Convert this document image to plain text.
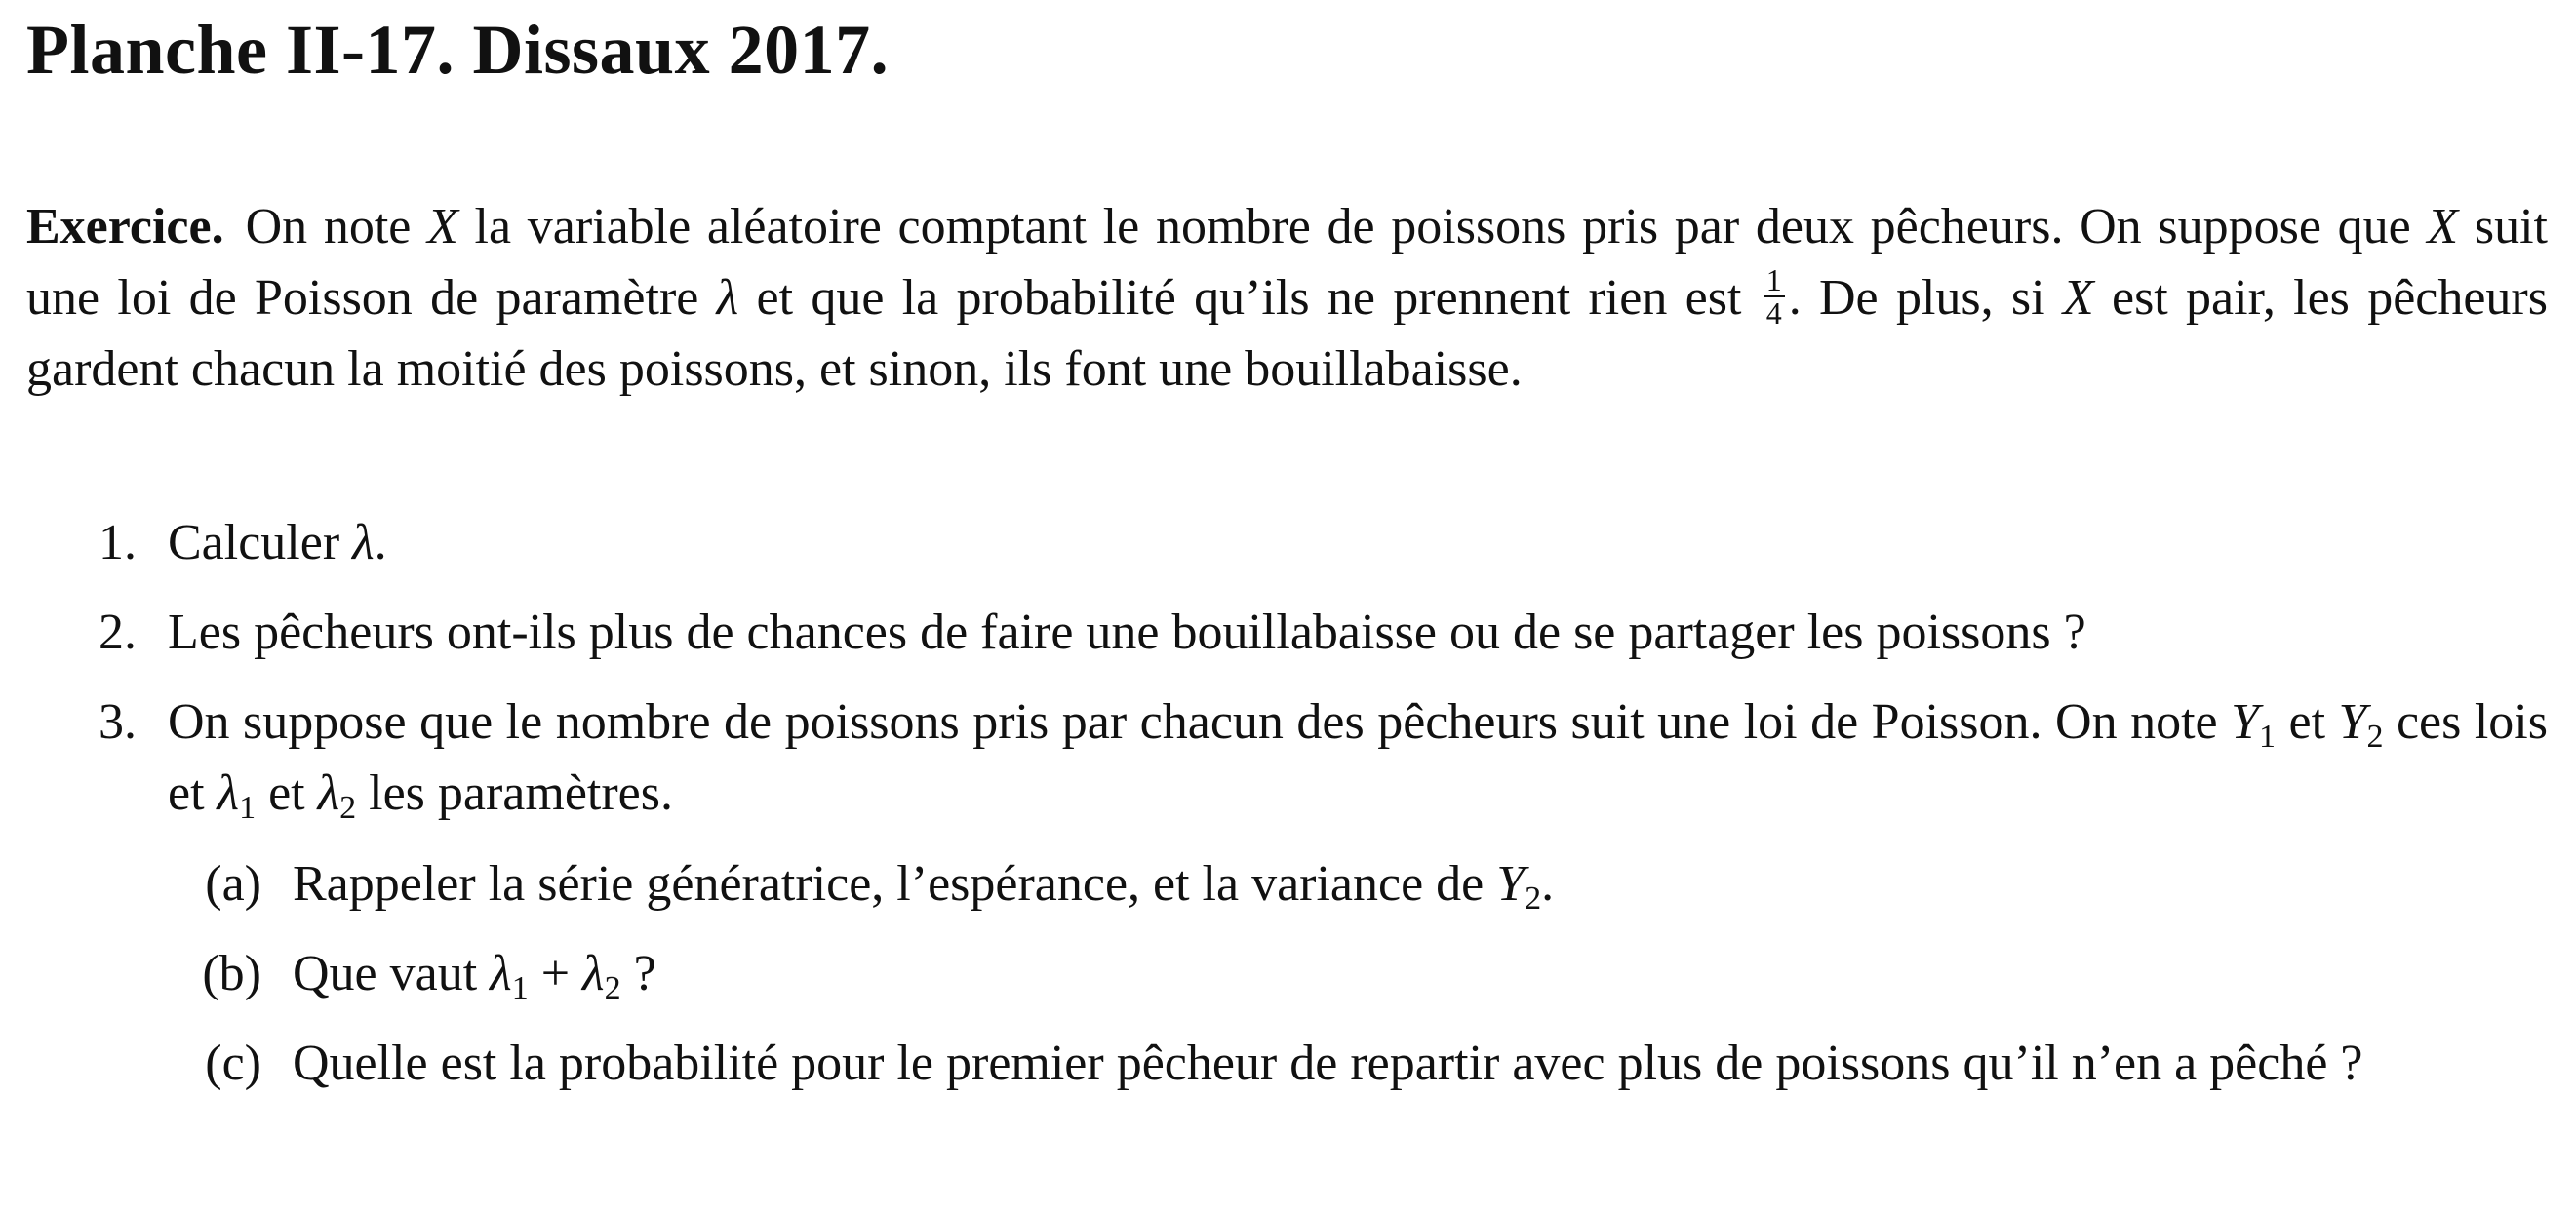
Planche II-17. Dissaux 2017.
Exercice. On note X la variable aléatoire comptant le nombre de poissons pris par deux pêcheurs. On suppose que X suit une loi de Poisson de paramètre λ et que la probabilité qu’ils ne prennent rien est $\frac{1}{4}$ . De plus, si X est pair, les pêcheurs gardent chacun la moitié des poissons, et sinon, ils font une bouillabaisse.
1. Calculer λ.
2. Les pêcheurs ont-ils plus de chances de faire une bouillabaisse ou de se partager les poissons ?
3. On suppose que le nombre de poissons pris par chacun des pêcheurs suit une loi de Poisson. On note $Y_1$ et $Y_2$ ces lois et $\lambda_1$ et $\lambda_2$ les paramètres.
(a) Rappeler la série génératrice, l’espérance, et la variance de $Y_2$.
(b) Que vaut $\lambda_1 + \lambda_2$ ?
(c) Quelle est la probabilité pour le premier pêcheur de repartir avec plus de poissons qu’il n’en a pêché ?
